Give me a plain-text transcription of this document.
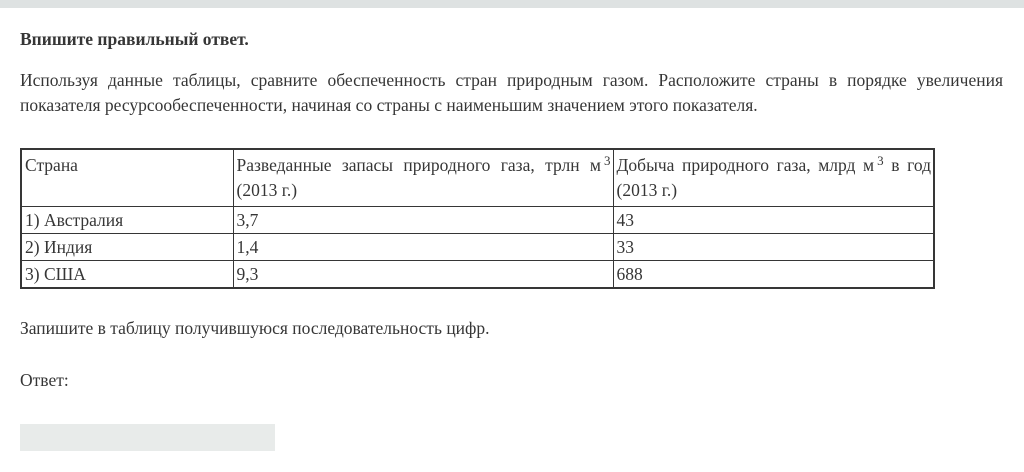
Впишите правильный ответ.

Используя данные таблицы, сравните обеспеченность стран природным газом. Расположите страны в порядке увеличения показателя ресурсообеспеченности, начиная со страны с наименьшим значением этого показателя.

Страна	Разведанные запасы природного газа, трлн м $^3$ (2013 г.)	Добыча природного газа, млрд м $^3$ в год (2013 г.)
1) Австралия	3,7	43
2) Индия	1,4	33
3) США	9,3	688

Запишите в таблицу получившуюся последовательность цифр.

Ответ:
